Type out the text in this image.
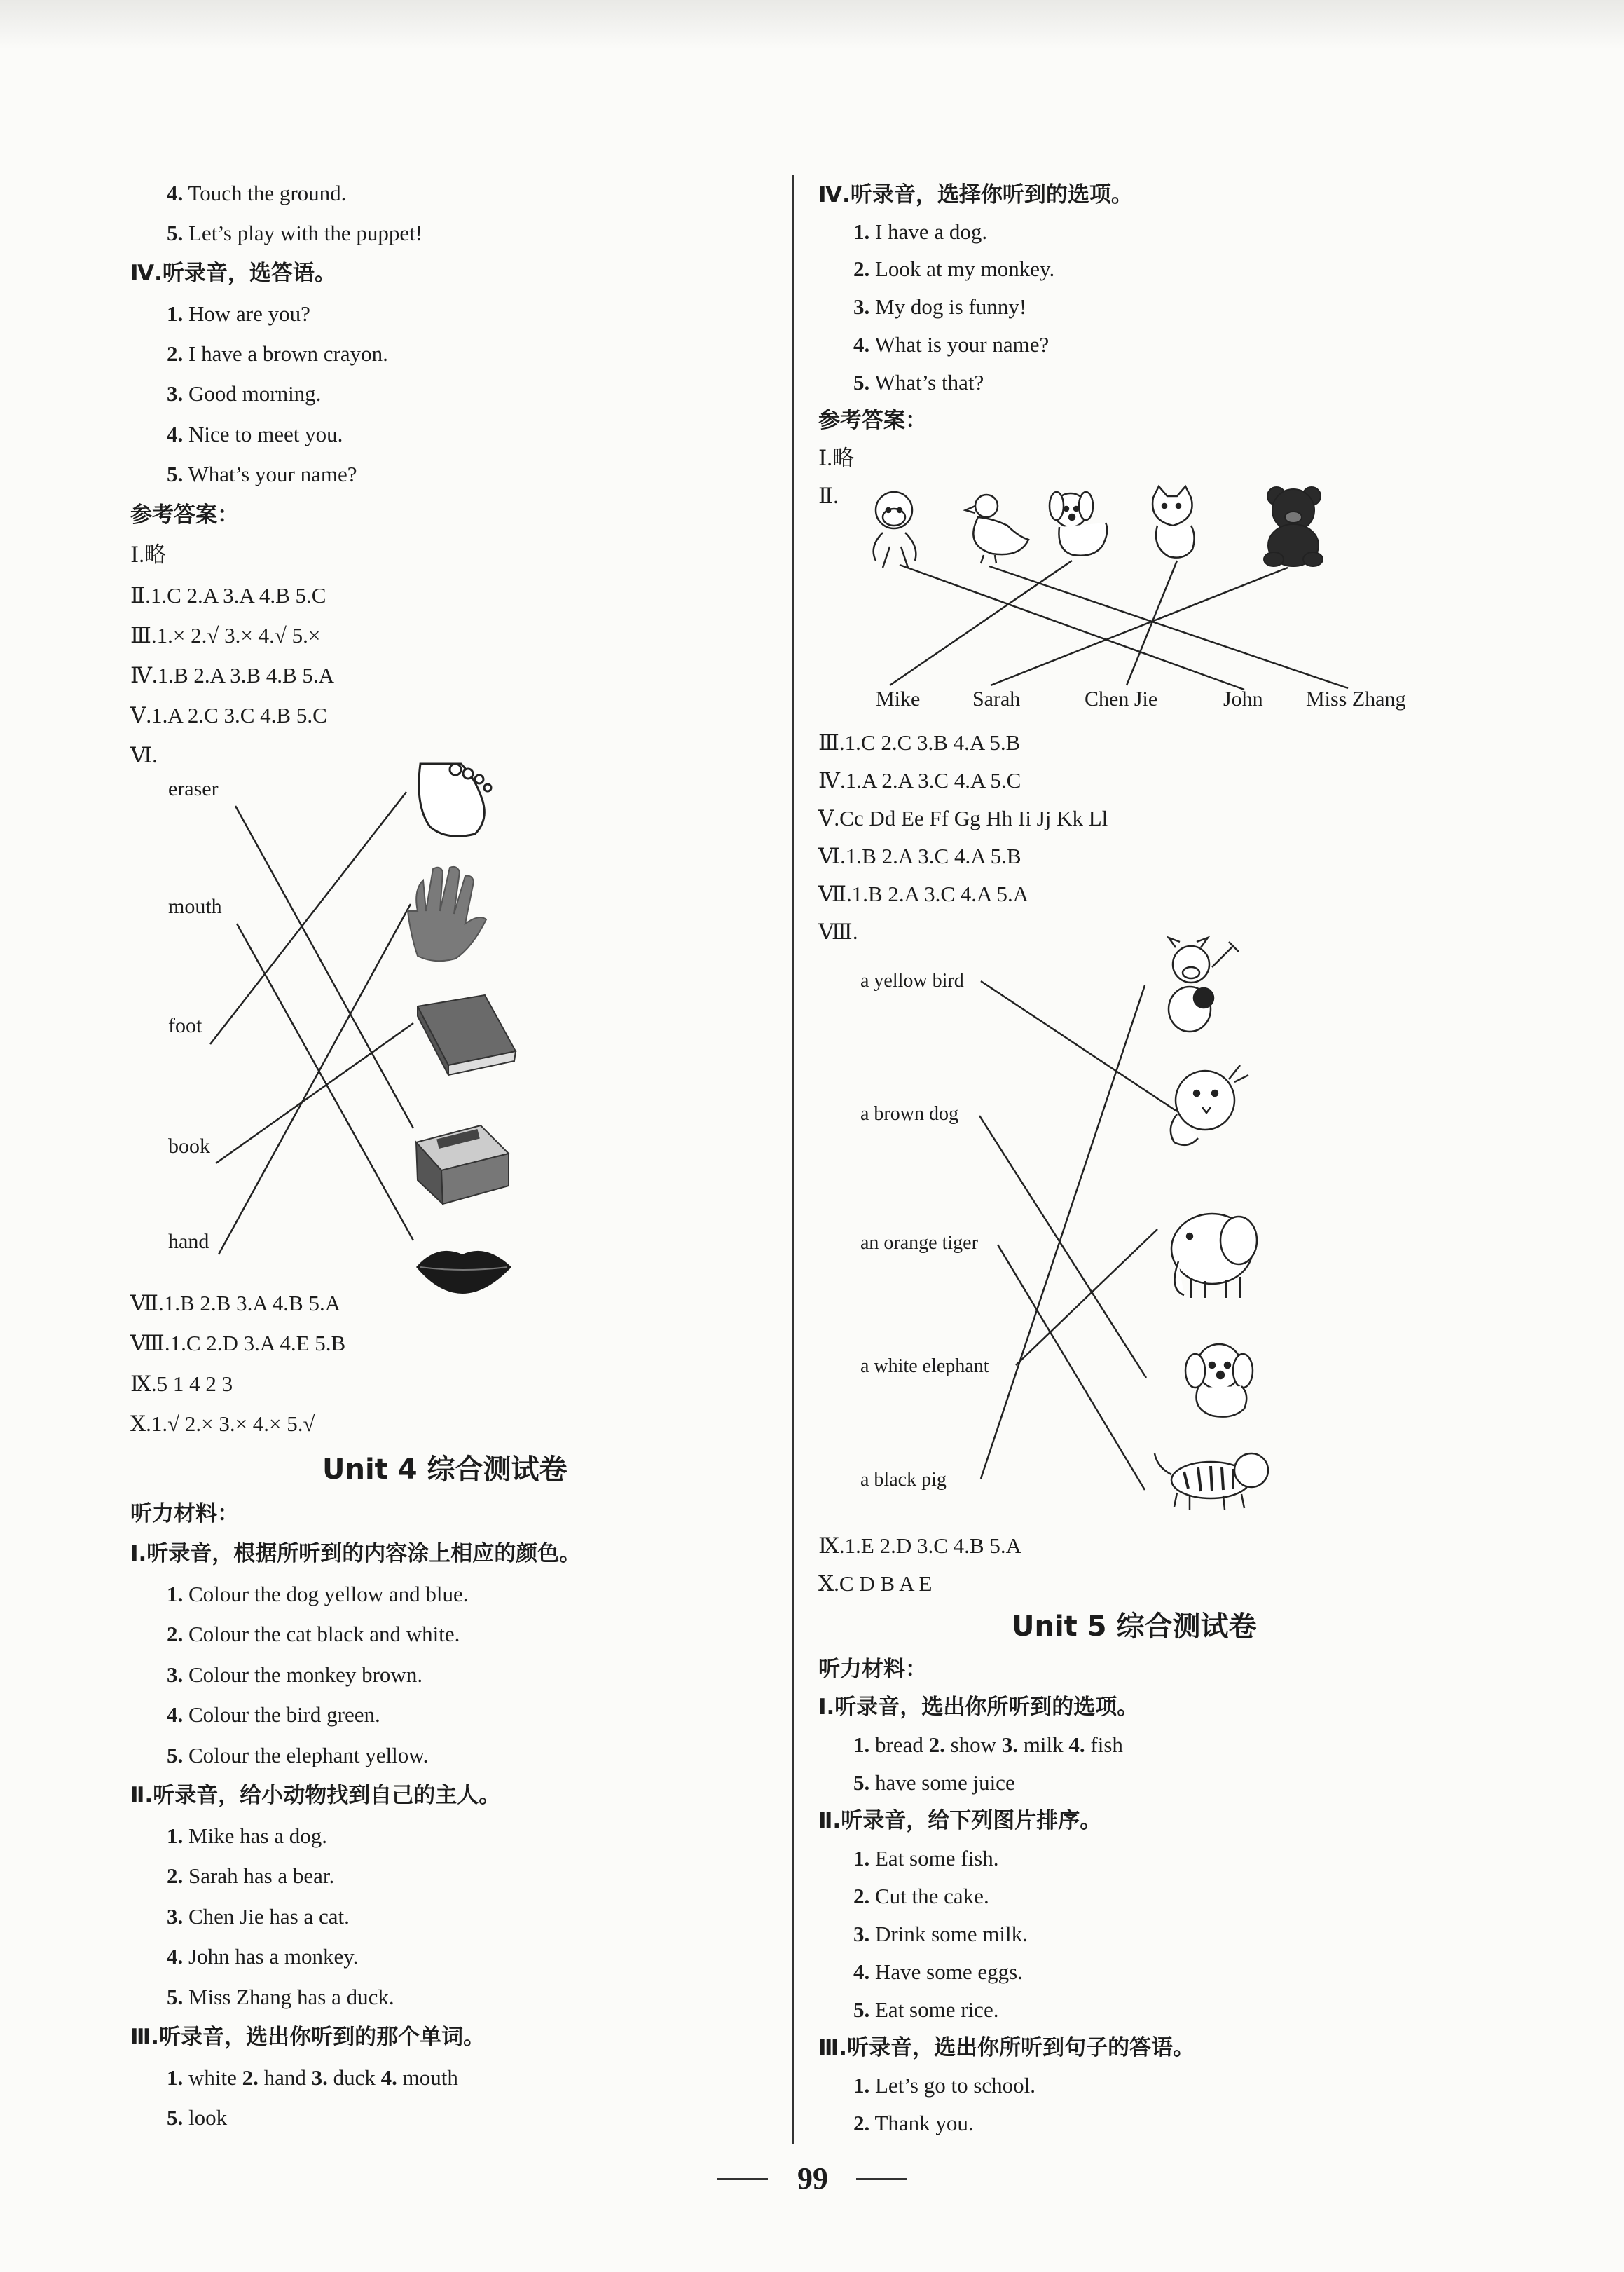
4. Touch the ground.
5. Let’s play with the puppet!
Ⅳ.听录音，选答语。
1. How are you?
2. I have a brown crayon.
3. Good morning.
4. Nice to meet you.
5. What’s your name?
参考答案：
Ⅰ.略
Ⅱ.1.C 2.A 3.A 4.B 5.C
Ⅲ.1.× 2.√ 3.× 4.√ 5.×
Ⅳ.1.B 2.A 3.B 4.B 5.A
Ⅴ.1.A 2.C 3.C 4.B 5.C
Ⅵ.
eraser
mouth
foot
book
hand
Ⅶ.1.B 2.B 3.A 4.B 5.A
Ⅷ.1.C 2.D 3.A 4.E 5.B
Ⅸ.5 1 4 2 3
Ⅹ.1.√ 2.× 3.× 4.× 5.√
Unit 4 综合测试卷
听力材料：
Ⅰ.听录音，根据所听到的内容涂上相应的颜色。
1. Colour the dog yellow and blue.
2. Colour the cat black and white.
3. Colour the monkey brown.
4. Colour the bird green.
5. Colour the elephant yellow.
Ⅱ.听录音，给小动物找到自己的主人。
1. Mike has a dog.
2. Sarah has a bear.
3. Chen Jie has a cat.
4. John has a monkey.
5. Miss Zhang has a duck.
Ⅲ.听录音，选出你听到的那个单词。
1. white 2. hand 3. duck 4. mouth
5. look
Ⅳ.听录音，选择你听到的选项。
1. I have a dog.
2. Look at my monkey.
3. My dog is funny!
4. What is your name?
5. What’s that?
参考答案：
Ⅰ.略
Ⅱ.
Mike Sarah	Chen Jie	John Miss Zhang
Ⅲ.1.C 2.C 3.B 4.A 5.B
Ⅳ.1.A 2.A 3.C 4.A 5.C
Ⅴ.Cc Dd Ee Ff Gg Hh Ii Jj Kk Ll
Ⅵ.1.B 2.A 3.C 4.A 5.B
Ⅶ.1.B 2.A 3.C 4.A 5.A
Ⅷ.
a yellow bird
a brown dog
an orange tiger
a white elephant
a black pig
Ⅸ.1.E 2.D 3.C 4.B 5.A
Ⅹ.C D B A E
Unit 5 综合测试卷
听力材料：
Ⅰ.听录音，选出你所听到的选项。
1. bread 2. show 3. milk 4. fish
5. have some juice
Ⅱ.听录音，给下列图片排序。
1. Eat some fish.
2. Cut the cake.
3. Drink some milk.
4. Have some eggs.
5. Eat some rice.
Ⅲ.听录音，选出你所听到句子的答语。
1. Let’s go to school.
2. Thank you.
99
